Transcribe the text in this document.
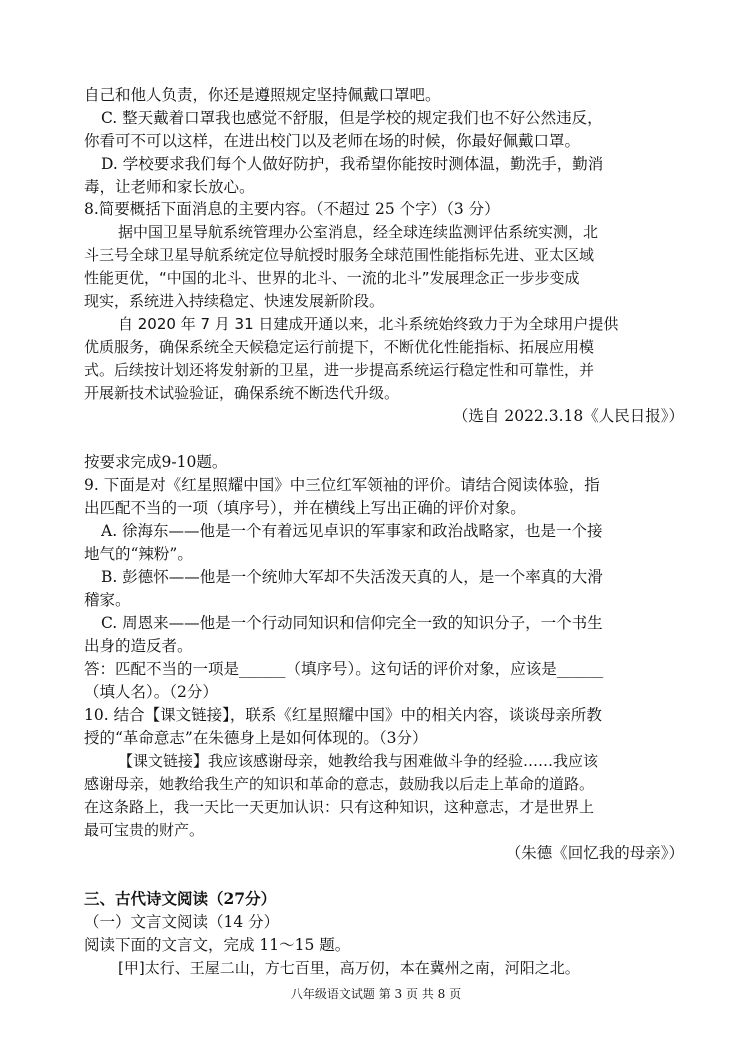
自己和他人负责，你还是遵照规定坚持佩戴口罩吧。
C. 整天戴着口罩我也感觉不舒服，但是学校的规定我们也不好公然违反，
你看可不可以这样，在进出校门以及老师在场的时候，你最好佩戴口罩。
D. 学校要求我们每个人做好防护，我希望你能按时测体温，勤洗手，勤消
毒，让老师和家长放心。
8.简要概括下面消息的主要内容。（不超过 25 个字）（3 分）
据中国卫星导航系统管理办公室消息，经全球连续监测评估系统实测，北
斗三号全球卫星导航系统定位导航授时服务全球范围性能指标先进、亚太区域
性能更优，“中国的北斗、世界的北斗、一流的北斗”发展理念正一步步变成
现实，系统进入持续稳定、快速发展新阶段。
自 2020 年 7 月 31 日建成开通以来，北斗系统始终致力于为全球用户提供
优质服务，确保系统全天候稳定运行前提下，不断优化性能指标、拓展应用模
式。后续按计划还将发射新的卫星，进一步提高系统运行稳定性和可靠性，并
开展新技术试验验证，确保系统不断迭代升级。
（选自 2022.3.18《人民日报》）
按要求完成9-10题。
9. 下面是对《红星照耀中国》中三位红军领袖的评价。请结合阅读体验，指
出匹配不当的一项（填序号），并在横线上写出正确的评价对象。
A. 徐海东——他是一个有着远见卓识的军事家和政治战略家，也是一个接
地气的“辣粉”。
B. 彭德怀——他是一个统帅大军却不失活泼天真的人，是一个率真的大滑
稽家。
C. 周恩来——他是一个行动同知识和信仰完全一致的知识分子，一个书生
出身的造反者。
答：匹配不当的一项是______（填序号）。这句话的评价对象，应该是______
（填人名）。（2分）
10. 结合【课文链接】，联系《红星照耀中国》中的相关内容，谈谈母亲所教
授的“革命意志”在朱德身上是如何体现的。（3分）
【课文链接】我应该感谢母亲，她教给我与困难做斗争的经验……我应该
感谢母亲，她教给我生产的知识和革命的意志，鼓励我以后走上革命的道路。
在这条路上，我一天比一天更加认识：只有这种知识，这种意志，才是世界上
最可宝贵的财产。
（朱德《回忆我的母亲》）
三、古代诗文阅读（27分）
（一）文言文阅读（14 分）
阅读下面的文言文，完成 11～15 题。
[甲]太行、王屋二山，方七百里，高万仞，本在冀州之南，河阳之北。
八年级语文试题 第 3 页 共 8 页
